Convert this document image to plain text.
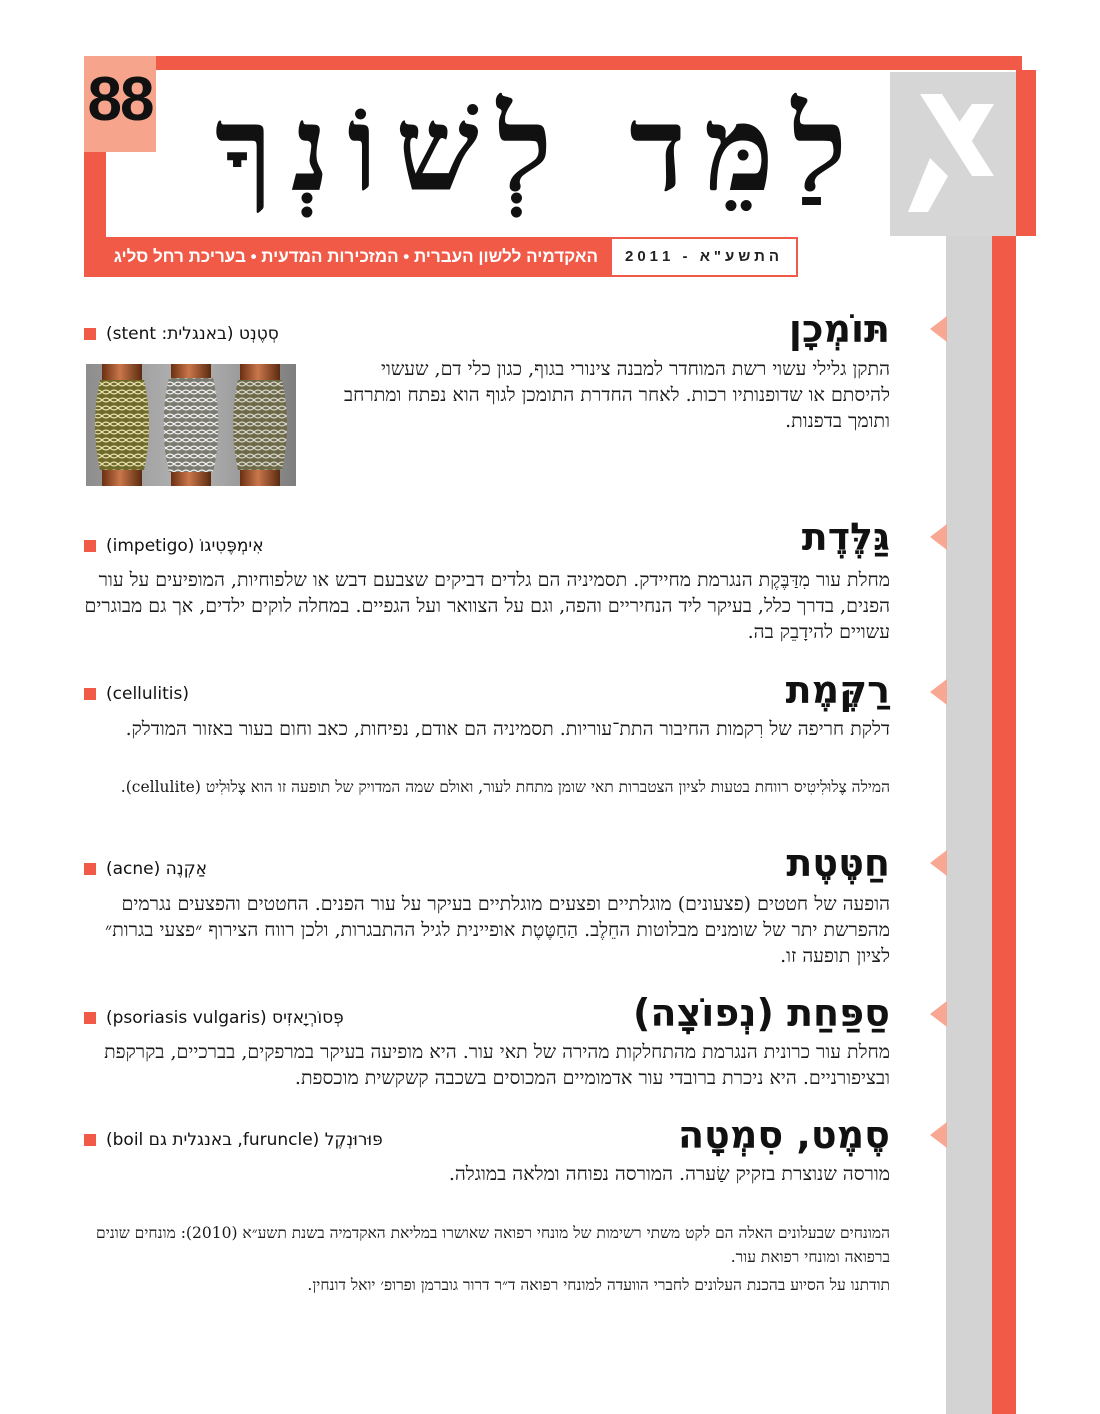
88 לַמֵּד לְשׁוֹנְךָ
האקדמיה ללשון העברית • המזכירות המדעית • בעריכת רחל סליג	התשע"א - 2011
תּוֹמְכָן
סְטֶנְט (באנגלית: stent)
התקן גלילי עשוי רשת המוחדר למבנה צינורי בגוף, כגון כלי דם, שעשוי להיסתם או שדופנותיו רכות. לאחר החדרת התומכן לגוף הוא נפתח ומתרחב ותומך בדפנות.
גַּלֶּדֶת
אִימְפֶּטִיגוֹ (impetigo)
מחלת עור מִדַּבֶּקֶת הנגרמת מחיידק. תסמיניה הם גלדים דביקים שצבעם דבש או שלפוחיות, המופיעים על עור הפנים, בדרך כלל, בעיקר ליד הנחיריים והפה, וגם על הצוואר ועל הגפיים. במחלה לוקים ילדים, אך גם מבוגרים עשויים להידָבֵק בה.
רַקֶּמֶת
(cellulitis)
דלקת חריפה של רִקמות החיבור התת־עוריות. תסמיניה הם אודם, נפיחות, כאב וחום בעור באזור המודלק.
המילה צֶלוּלִיטִיס רווחת בטעות לציון הצטברות תאי שומן מתחת לעור, ואולם שמה המדויק של תופעה זו הוא צֶלוּלִיט (cellulite).
חַטֶּטֶת
אַקְנֶה (acne)
הופעה של חטטים (פצעונים) מוגלתיים ופצעים מוגלתיים בעיקר על עור הפנים. החטטים והפצעים נגרמים מהפרשת יתר של שומנים מבלוטות החֵלֶב. הַחַטֶּטֶת אופיינית לגיל ההתבגרות, ולכן רווח הצירוף ״פצעי בגרות״ לציון תופעה זו.
סַפַּחַת (נְפוֹצָה)
פְּסוֹרְיָאזִיס (psoriasis vulgaris)
מחלת עור כרונית הנגרמת מהתחלקות מהירה של תאי עור. היא מופיעה בעיקר במרפקים, בברכיים, בקרקפת ובציפורניים. היא ניכרת ברובדי עור אדמומיים המכוסים בשכבה קשקשית מוכספת.
סֶמֶט, סִמְטָה
פּוּרוּנְקֶל (furuncle, באנגלית גם boil)
מורסה שנוצרת בזקיק שַׂערה. המורסה נפוחה ומלאה במוגלה.
המונחים שבעלונים האלה הם לקט משתי רשימות של מונחי רפואה שאושרו במליאת האקדמיה בשנת תשע״א (2010): מונחים שונים ברפואה ומונחי רפואת עור.
תודתנו על הסיוע בהכנת העלונים לחברי הוועדה למונחי רפואה ד״ר דרור גוברמן ופרופ׳ יואל דונחין.
